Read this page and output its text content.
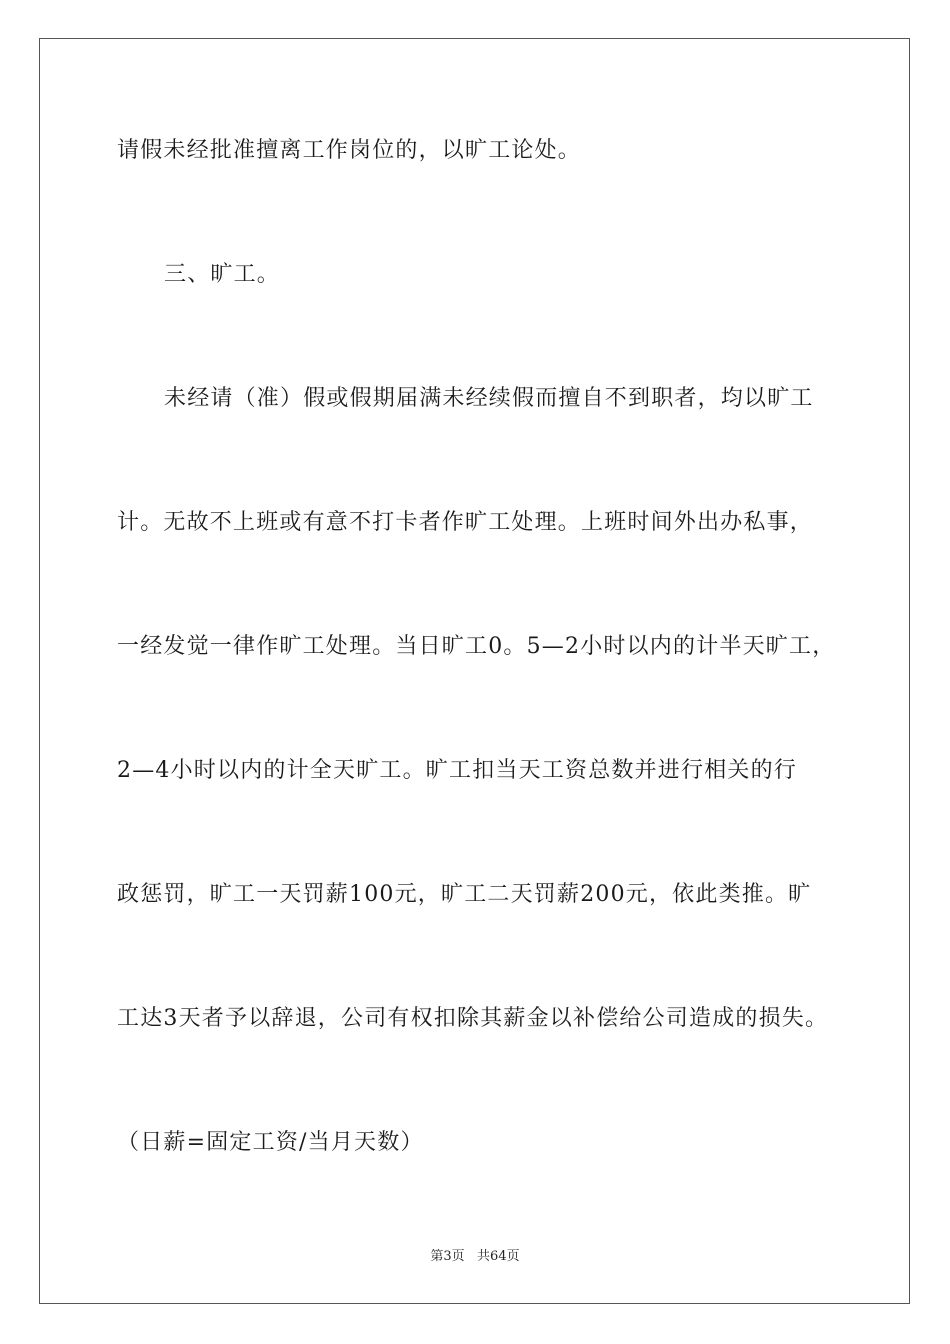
请假未经批准擅离工作岗位的，以旷工论处。
三、旷工。
未经请（准）假或假期届满未经续假而擅自不到职者，均以旷工
计。无故不上班或有意不打卡者作旷工处理。上班时间外出办私事，
一经发觉一律作旷工处理。当日旷工0。5—2小时以内的计半天旷工，
2—4小时以内的计全天旷工。旷工扣当天工资总数并进行相关的行
政惩罚，旷工一天罚薪100元，旷工二天罚薪200元，依此类推。旷
工达3天者予以辞退，公司有权扣除其薪金以补偿给公司造成的损失。
（日薪=固定工资/当月天数）
第3页   共64页
